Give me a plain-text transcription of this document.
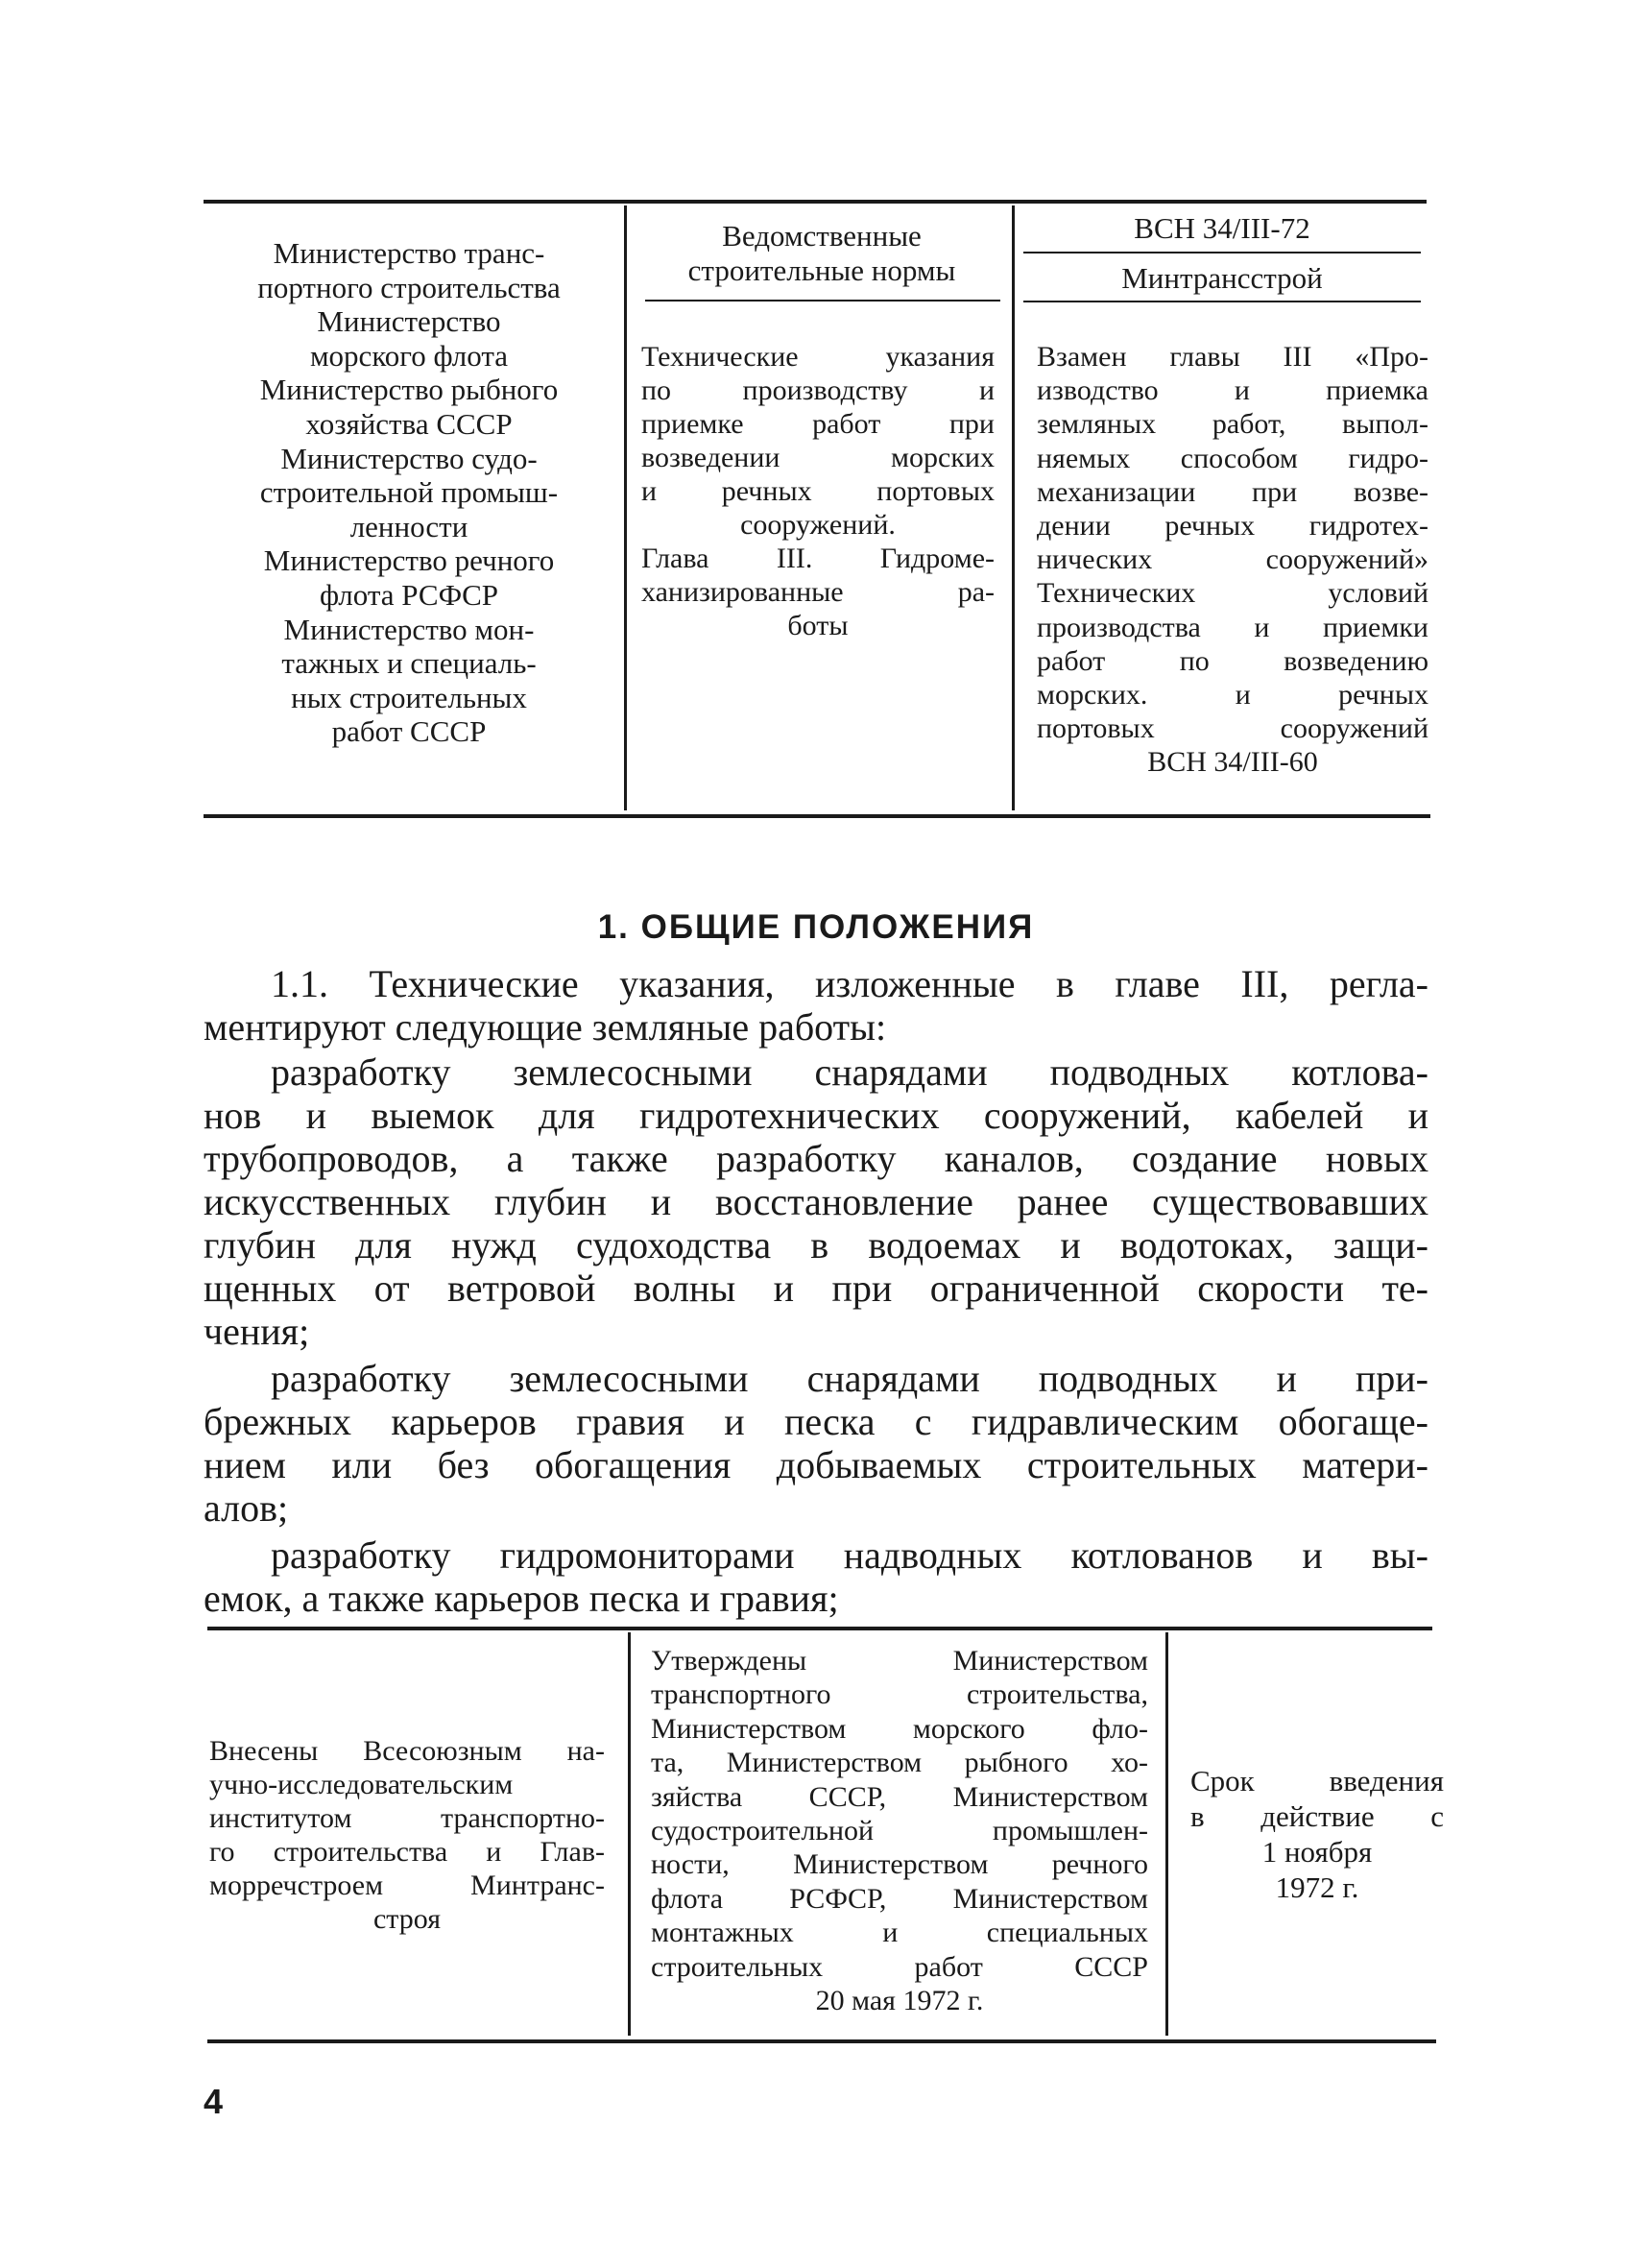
Министерство транс-
портного строительства
Министерство
морского флота
Министерство рыбного
хозяйства СССР
Министерство судо-
строительной промыш-
ленности
Министерство речного
флота РСФСР
Министерство мон-
тажных и специаль-
ных строительных
работ СССР
Ведомственные
строительные нормы
ВСН 34/III-72
Минтрансстрой
Технические указания
по производству и
приемке работ при
возведении морских
и речных портовых
сооружений.
Глава III. Гидроме-
ханизированные ра-
боты
Взамен главы III «Про-
изводство и приемка
земляных работ, выпол-
няемых способом гидро-
механизации при возве-
дении речных гидротех-
нических сооружений»
Технических условий
производства и приемки
работ по возведению
морских. и речных
портовых сооружений
ВСН 34/III-60
1. ОБЩИЕ ПОЛОЖЕНИЯ
1.1. Технические указания, изложенные в главе III, регла-
ментируют следующие земляные работы:
разработку землесосными снарядами подводных котлова-
нов и выемок для гидротехнических сооружений, кабелей и
трубопроводов, а также разработку каналов, создание новых
искусственных глубин и восстановление ранее существовавших
глубин для нужд судоходства в водоемах и водотоках, защи-
щенных от ветровой волны и при ограниченной скорости те-
чения;
разработку землесосными снарядами подводных и при-
брежных карьеров гравия и песка с гидравлическим обогаще-
нием или без обогащения добываемых строительных матери-
алов;
разработку гидромониторами надводных котлованов и вы-
емок, а также карьеров песка и гравия;
Внесены Всесоюзным на-
учно-исследовательским
институтом транспортно-
го строительства и Глав-
морречстроем Минтранс-
строя
Утверждены Министерством
транспортного строительства,
Министерством морского фло-
та, Министерством рыбного хо-
зяйства СССР, Министерством
судостроительной промышлен-
ности, Министерством речного
флота РСФСР, Министерством
монтажных и специальных
строительных работ СССР
20 мая 1972 г.
Срок введения
в действие с
1 ноября
1972 г.
4
